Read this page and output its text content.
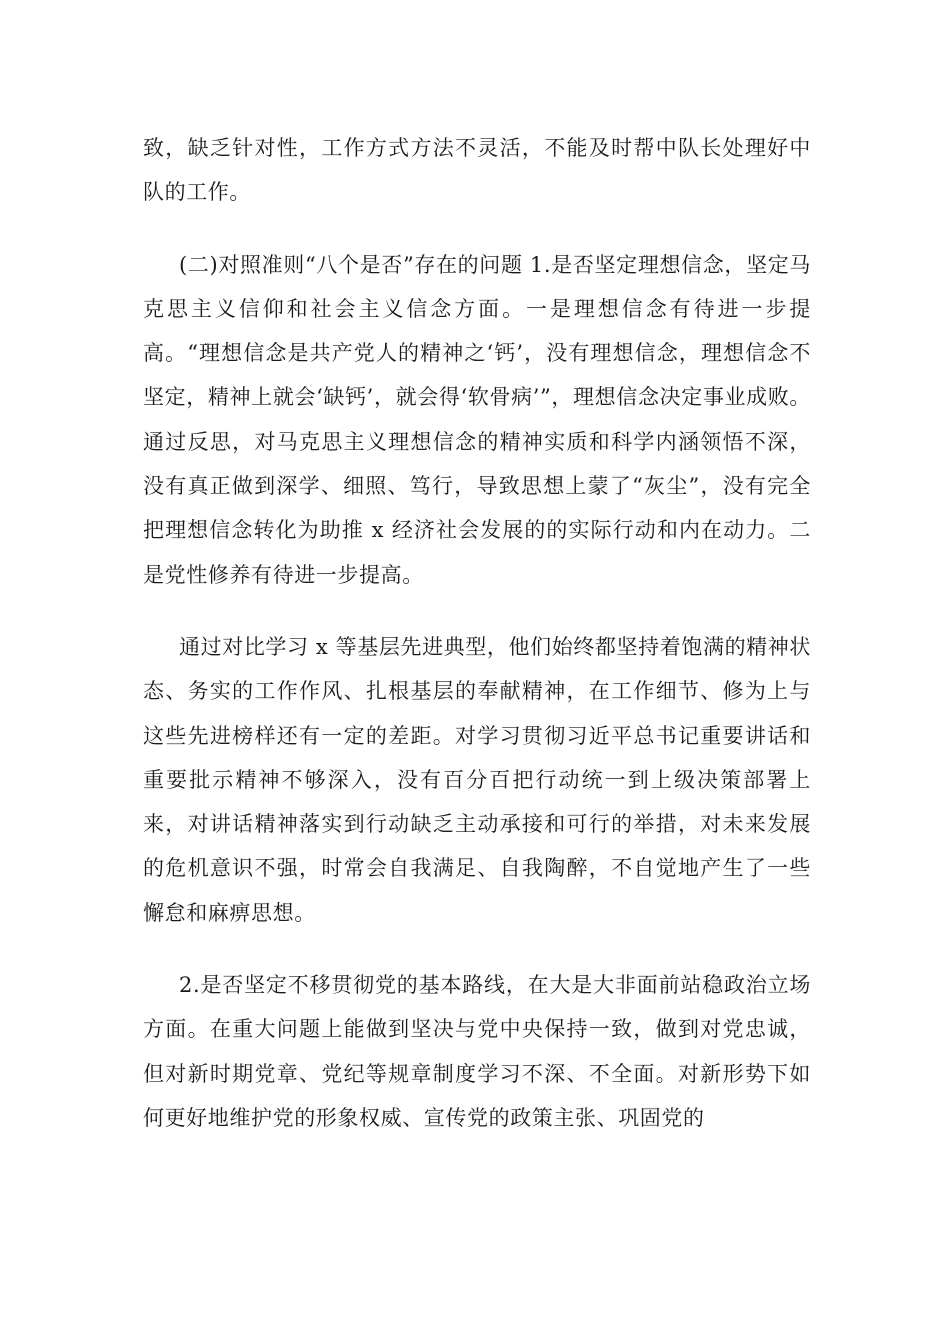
致，缺乏针对性，工作方式方法不灵活，不能及时帮中队长处理好中队的工作。

(二)对照准则“八个是否”存在的问题 1.是否坚定理想信念，坚定马克思主义信仰和社会主义信念方面。一是理想信念有待进一步提高。“理想信念是共产党人的精神之‘钙’，没有理想信念，理想信念不坚定，精神上就会‘缺钙’，就会得‘软骨病’”，理想信念决定事业成败。通过反思，对马克思主义理想信念的精神实质和科学内涵领悟不深，没有真正做到深学、细照、笃行，导致思想上蒙了“灰尘”，没有完全把理想信念转化为助推 x 经济社会发展的的实际行动和内在动力。二是党性修养有待进一步提高。

通过对比学习 x 等基层先进典型，他们始终都坚持着饱满的精神状态、务实的工作作风、扎根基层的奉献精神，在工作细节、修为上与这些先进榜样还有一定的差距。对学习贯彻习近平总书记重要讲话和重要批示精神不够深入，没有百分百把行动统一到上级决策部署上来，对讲话精神落实到行动缺乏主动承接和可行的举措，对未来发展的危机意识不强，时常会自我满足、自我陶醉，不自觉地产生了一些懈怠和麻痹思想。

2.是否坚定不移贯彻党的基本路线，在大是大非面前站稳政治立场方面。在重大问题上能做到坚决与党中央保持一致，做到对党忠诚，但对新时期党章、党纪等规章制度学习不深、不全面。对新形势下如何更好地维护党的形象权威、宣传党的政策主张、巩固党的
